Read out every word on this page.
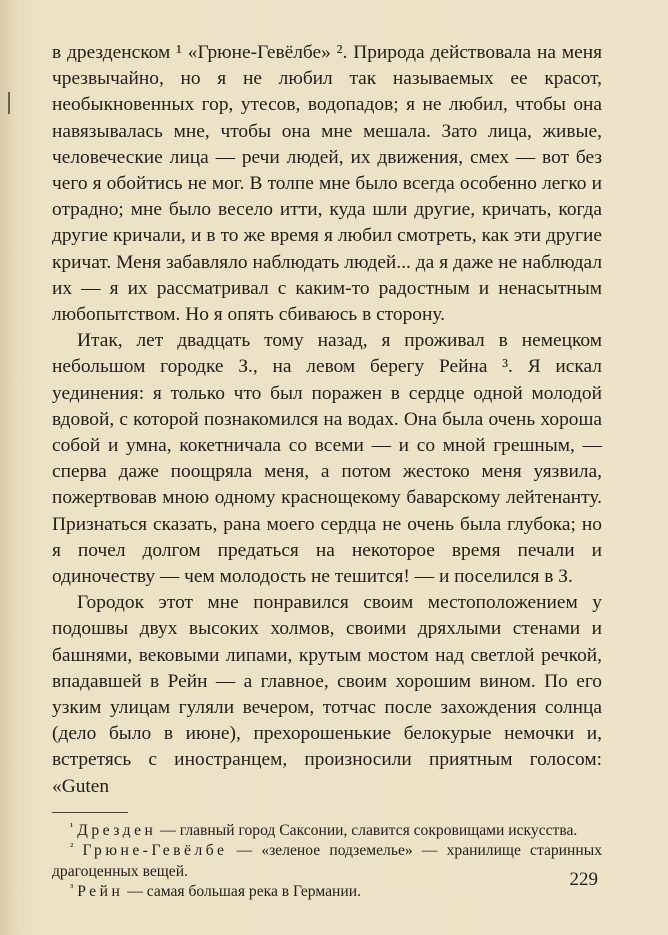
в дрезденском ¹ «Грюне-Гевёлбе» ². Природа действовала на меня чрезвычайно, но я не любил так называемых ее красот, необыкновенных гор, утесов, водопадов; я не любил, чтобы она навязывалась мне, чтобы она мне мешала. Зато лица, живые, человеческие лица — речи людей, их движения, смех — вот без чего я обойтись не мог. В толпе мне было всегда особенно легко и отрадно; мне было весело итти, куда шли другие, кричать, когда другие кричали, и в то же время я любил смотреть, как эти другие кричат. Меня забавляло наблюдать людей... да я даже не наблюдал их — я их рассматривал с каким-то радостным и ненасытным любопытством. Но я опять сбиваюсь в сторону.

Итак, лет двадцать тому назад, я проживал в немецком небольшом городке З., на левом берегу Рейна ³. Я искал уединения: я только что был поражен в сердце одной молодой вдовой, с которой познакомился на водах. Она была очень хороша собой и умна, кокетничала со всеми — и со мной грешным, — сперва даже поощряла меня, а потом жестоко меня уязвила, пожертвовав мною одному краснощекому баварскому лейтенанту. Признаться сказать, рана моего сердца не очень была глубока; но я почел долгом предаться на некоторое время печали и одиночеству — чем молодость не тешится! — и поселился в З.

Городок этот мне понравился своим местоположением у подошвы двух высоких холмов, своими дряхлыми стенами и башнями, вековыми липами, крутым мостом над светлой речкой, впадавшей в Рейн — а главное, своим хорошим вином. По его узким улицам гуляли вечером, тотчас после захождения солнца (дело было в июне), прехорошенькие белокурые немочки и, встретясь с иностранцем, произносили приятным голосом: «Guten

$^{^1}$ Дрезден — главный город Саксонии, славится сокровищами искусства.

$^{^2}$ Грюне-Гевёлбе — «зеленое подземелье» — хранилище старинных драгоценных вещей.

$^{^3}$ Рейн — самая большая река в Германии.

229
